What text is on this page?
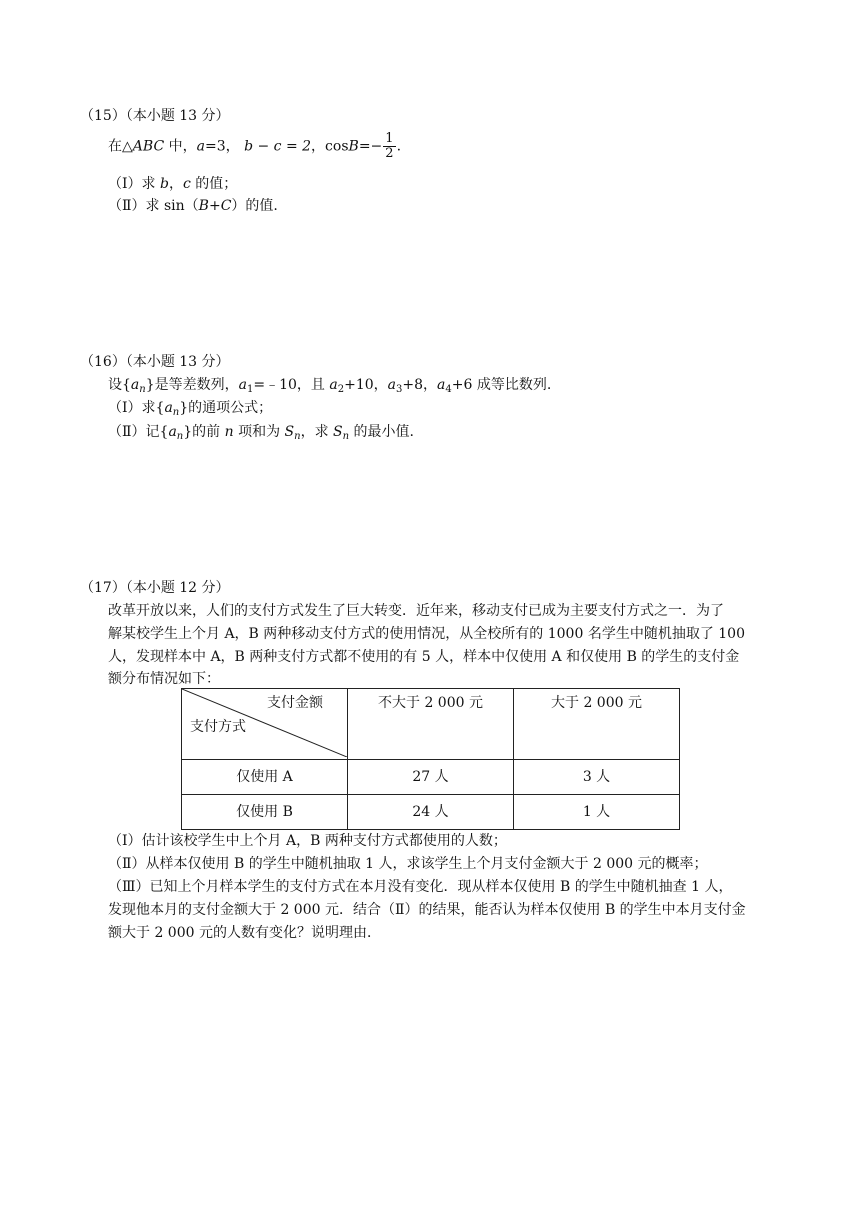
（15）（本小题 13 分）
在△ABC 中，a=3， b − c = 2，$\cos B=- \frac{1}{2}$ .
（Ⅰ）求 b，c 的值；
（Ⅱ）求 sin（B+C）的值.
（16）（本小题 13 分）
设$\{a_n\}$是等差数列，$a_1=﹣10$，且 $a_2+10$，$a_3+8$，$a_4+6$ 成等比数列.
（Ⅰ）求$\{a_n\}$的通项公式；
（Ⅱ）记$\{a_n\}$的前 n 项和为 $S_n$，求 $S_n$ 的最小值.
（17）（本小题 12 分）
改革开放以来，人们的支付方式发生了巨大转变．近年来，移动支付已成为主要支付方式之一．为了
解某校学生上个月 A，B 两种移动支付方式的使用情况，从全校所有的 1000 名学生中随机抽取了 100
人，发现样本中 A，B 两种支付方式都不使用的有 5 人，样本中仅使用 A 和仅使用 B 的学生的支付金
额分布情况如下：
支付金额
支付方式	不大于 2 000 元	大于 2 000 元
仅使用 A	27 人	3 人
仅使用 B	24 人	1 人
（Ⅰ）估计该校学生中上个月 A，B 两种支付方式都使用的人数；
（Ⅱ）从样本仅使用 B 的学生中随机抽取 1 人，求该学生上个月支付金额大于 2 000 元的概率；
（Ⅲ）已知上个月样本学生的支付方式在本月没有变化．现从样本仅使用 B 的学生中随机抽查 1 人，
发现他本月的支付金额大于 2 000 元．结合（Ⅱ）的结果，能否认为样本仅使用 B 的学生中本月支付金
额大于 2 000 元的人数有变化？说明理由．
